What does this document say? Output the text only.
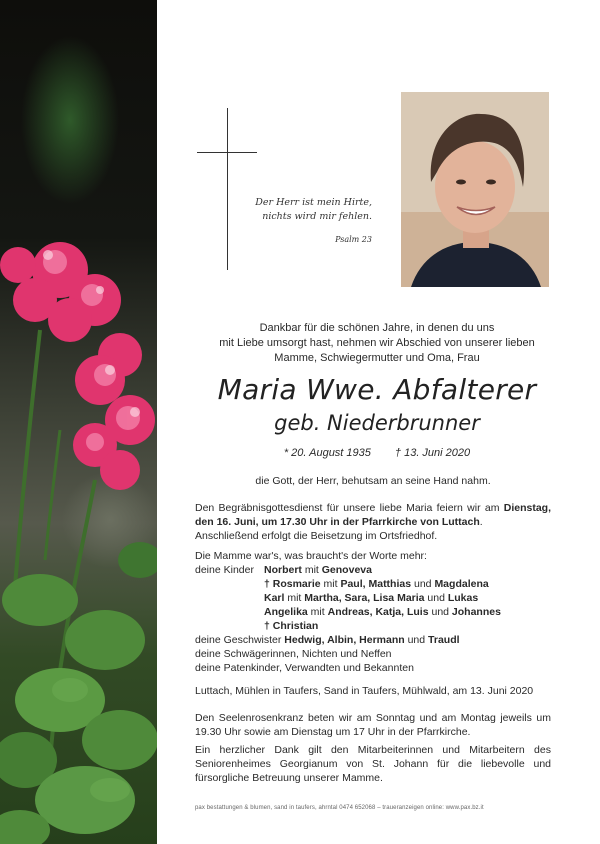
Der Herr ist mein Hirte,
nichts wird mir fehlen.
Psalm 23
Dankbar für die schönen Jahre, in denen du uns
mit Liebe umsorgt hast, nehmen wir Abschied von unserer lieben
Mamme, Schwiegermutter und Oma, Frau
Maria Wwe. Abfalterer
geb. Niederbrunner
* 20. August 1935 † 13. Juni 2020
die Gott, der Herr, behutsam an seine Hand nahm.
Den Begräbnisgottesdienst für unsere liebe Maria feiern wir am Dienstag, den 16. Juni, um 17.30 Uhr in der Pfarrkirche von Luttach.
Anschließend erfolgt die Beisetzung im Ortsfriedhof.
Die Mamme war's, was braucht's der Worte mehr:
deine Kinder Norbert mit Genoveva
† Rosmarie mit Paul, Matthias und Magdalena
Karl mit Martha, Sara, Lisa Maria und Lukas
Angelika mit Andreas, Katja, Luis und Johannes
† Christian
deine Geschwister Hedwig, Albin, Hermann und Traudl
deine Schwägerinnen, Nichten und Neffen
deine Patenkinder, Verwandten und Bekannten
Luttach, Mühlen in Taufers, Sand in Taufers, Mühlwald, am 13. Juni 2020
Den Seelenrosenkranz beten wir am Sonntag und am Montag jeweils um 19.30 Uhr sowie am Dienstag um 17 Uhr in der Pfarrkirche.
Ein herzlicher Dank gilt den Mitarbeiterinnen und Mitarbeitern des Seniorenheimes Georgianum von St. Johann für die liebevolle und fürsorgliche Betreuung unserer Mamme.
pax bestattungen & blumen, sand in taufers, ahrntal 0474 652068 – traueranzeigen online: www.pax.bz.it
